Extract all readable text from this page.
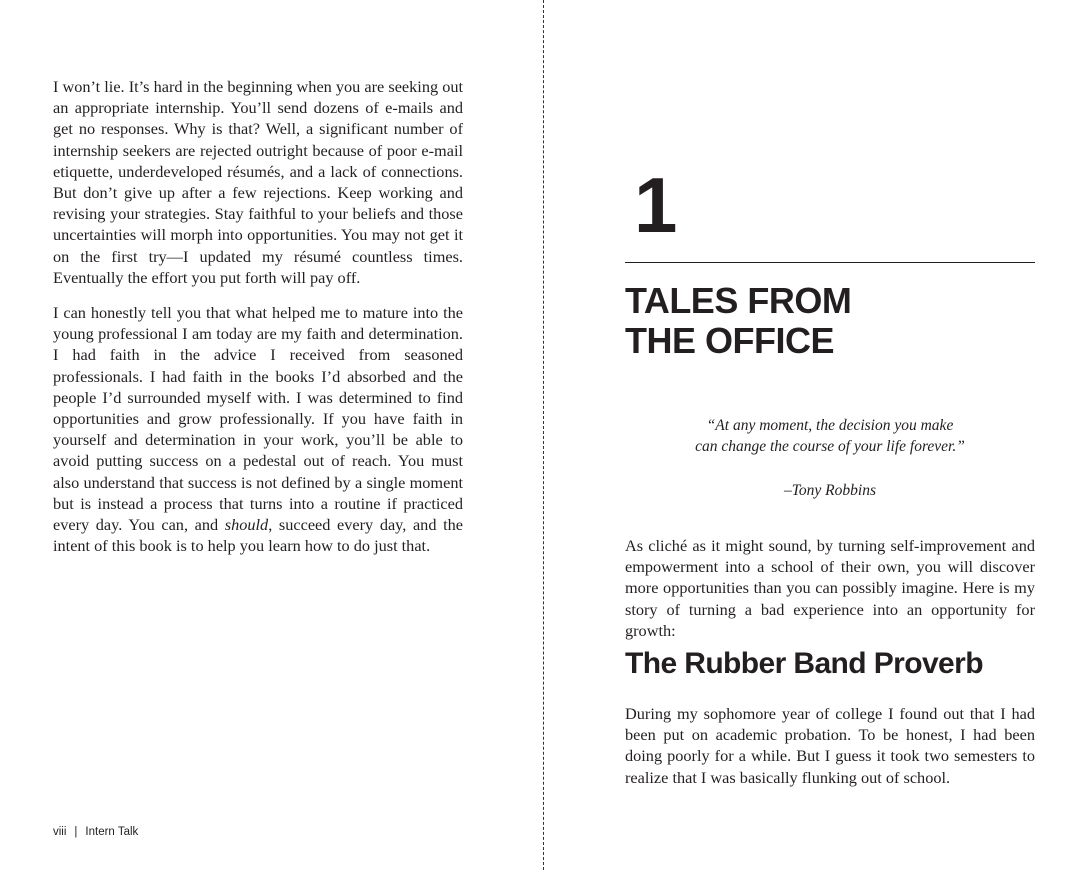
I won’t lie. It’s hard in the beginning when you are seeking out an appropriate internship. You’ll send dozens of e-mails and get no responses. Why is that? Well, a significant number of internship seekers are rejected outright because of poor e-mail etiquette, underdeveloped résumés, and a lack of connections. But don’t give up after a few rejections. Keep working and revising your strategies. Stay faithful to your beliefs and those uncertainties will morph into opportunities. You may not get it on the first try—I updated my résumé countless times. Eventually the effort you put forth will pay off.

I can honestly tell you that what helped me to mature into the young professional I am today are my faith and determination. I had faith in the advice I received from seasoned professionals. I had faith in the books I’d absorbed and the people I’d surrounded myself with. I was determined to find opportunities and grow professionally. If you have faith in yourself and determination in your work, you’ll be able to avoid putting success on a pedestal out of reach. You must also understand that success is not defined by a single moment but is instead a process that turns into a routine if practiced every day. You can, and should, succeed every day, and the intent of this book is to help you learn how to do just that.

viii | Intern Talk
1
TALES FROM
THE OFFICE

“At any moment, the decision you make
can change the course of your life forever.”

–Tony Robbins

As cliché as it might sound, by turning self-improvement and empowerment into a school of their own, you will discover more opportunities than you can possibly imagine. Here is my story of turning a bad experience into an opportunity for growth:

The Rubber Band Proverb

During my sophomore year of college I found out that I had been put on academic probation. To be honest, I had been doing poorly for a while. But I guess it took two semesters to realize that I was basically flunking out of school.
